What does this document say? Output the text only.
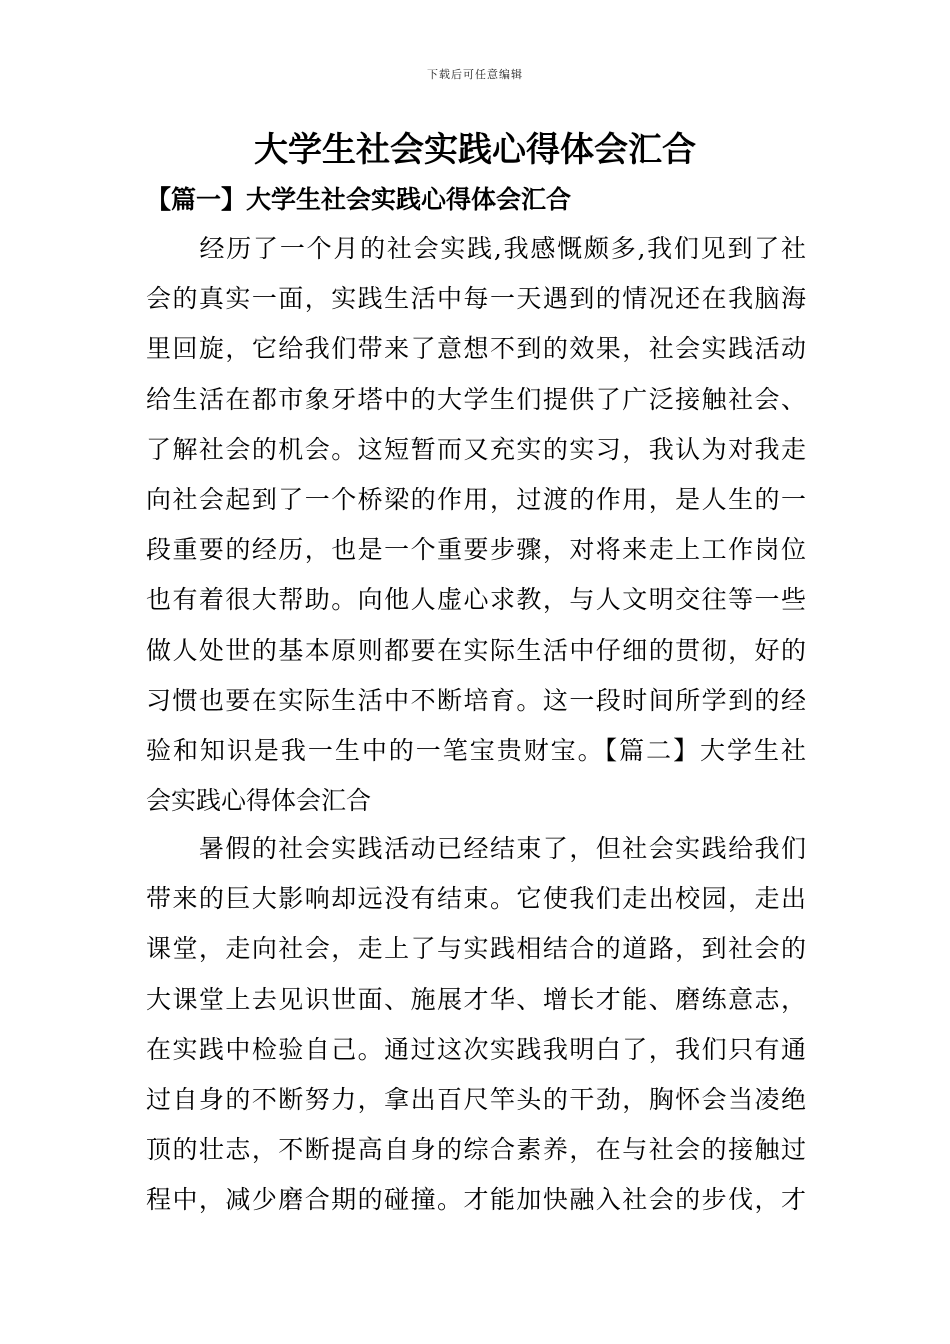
下载后可任意编辑
大学生社会实践心得体会汇合
【篇一】大学生社会实践心得体会汇合
　　经历了一个月的社会实践,我感慨颇多,我们见到了社
会的真实一面，实践生活中每一天遇到的情况还在我脑海
里回旋，它给我们带来了意想不到的效果，社会实践活动
给生活在都市象牙塔中的大学生们提供了广泛接触社会、
了解社会的机会。这短暂而又充实的实习，我认为对我走
向社会起到了一个桥梁的作用，过渡的作用，是人生的一
段重要的经历，也是一个重要步骤，对将来走上工作岗位
也有着很大帮助。向他人虚心求教，与人文明交往等一些
做人处世的基本原则都要在实际生活中仔细的贯彻，好的
习惯也要在实际生活中不断培育。这一段时间所学到的经
验和知识是我一生中的一笔宝贵财宝。【篇二】大学生社
会实践心得体会汇合
　　暑假的社会实践活动已经结束了，但社会实践给我们
带来的巨大影响却远没有结束。它使我们走出校园，走出
课堂，走向社会，走上了与实践相结合的道路，到社会的
大课堂上去见识世面、施展才华、增长才能、磨练意志，
在实践中检验自己。通过这次实践我明白了，我们只有通
过自身的不断努力，拿出百尺竿头的干劲，胸怀会当凌绝
顶的壮志，不断提高自身的综合素养，在与社会的接触过
程中，减少磨合期的碰撞。才能加快融入社会的步伐，才
